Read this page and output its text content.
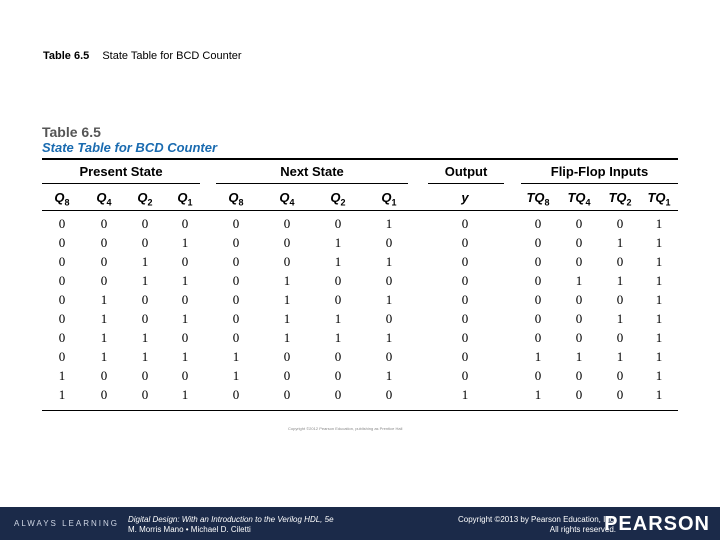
Table 6.5 State Table for BCD Counter
Table 6.5
State Table for BCD Counter
Present State	Next State	Output	Flip-Flop Inputs
$Q_8$	$Q_4$	$Q_2$	$Q_1$	$Q_8$	$Q_4$	$Q_2$	$Q_1$	y	$TQ_8$	$TQ_4$	$TQ_2$	$TQ_1$
0	0	0	0	0	0	0	1	0	0	0	0	1
0	0	0	1	0	0	1	0	0	0	0	1	1
0	0	1	0	0	0	1	1	0	0	0	0	1
0	0	1	1	0	1	0	0	0	0	1	1	1
0	1	0	0	0	1	0	1	0	0	0	0	1
0	1	0	1	0	1	1	0	0	0	0	1	1
0	1	1	0	0	1	1	1	0	0	0	0	1
0	1	1	1	1	0	0	0	0	1	1	1	1
1	0	0	0	1	0	0	1	0	0	0	0	1
1	0	0	1	0	0	0	0	1	1	0	0	1
Copyright ©2012 Pearson Education, publishing as Prentice Hall
ALWAYS LEARNING Digital Design: With an Introduction to the Verilog HDL, 5e
M. Morris Mano • Michael D. Ciletti
Copyright ©2013 by Pearson Education, Inc.
All rights reserved.
PEARSON
